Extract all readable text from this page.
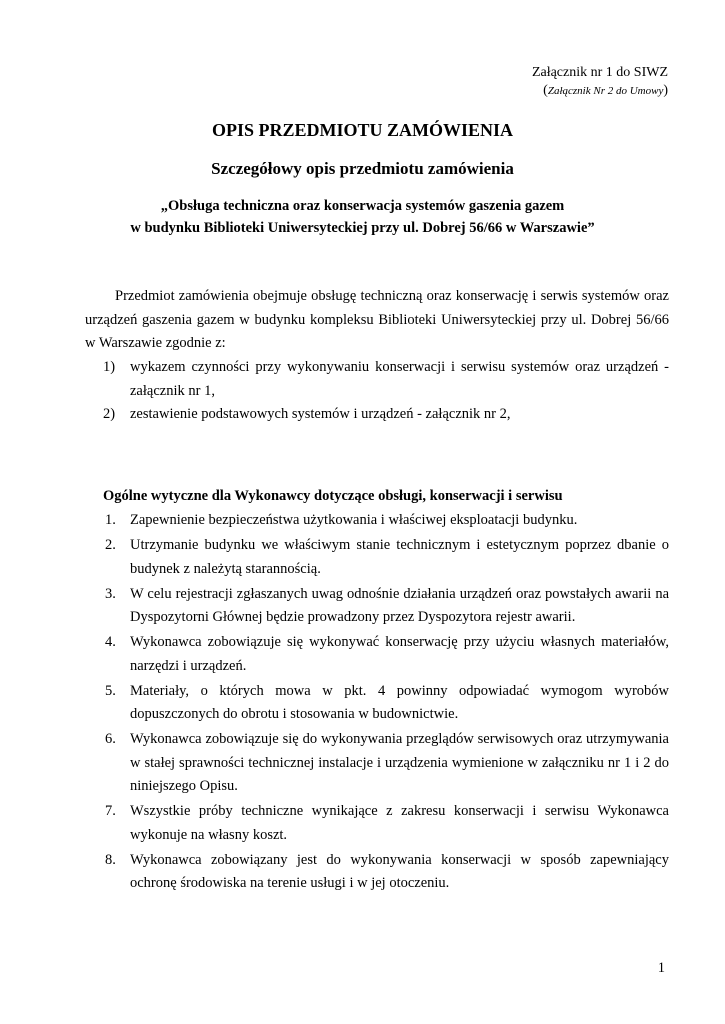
Załącznik nr 1 do SIWZ
(Załącznik Nr 2 do Umowy)
OPIS PRZEDMIOTU ZAMÓWIENIA
Szczegółowy opis przedmiotu zamówienia
„Obsługa techniczna oraz konserwacja systemów gaszenia gazem
w budynku Biblioteki Uniwersyteckiej przy ul. Dobrej 56/66 w Warszawie”

Przedmiot zamówienia obejmuje obsługę techniczną oraz konserwację i serwis systemów oraz urządzeń gaszenia gazem w budynku kompleksu Biblioteki Uniwersyteckiej przy ul. Dobrej 56/66 w Warszawie zgodnie z:

1) wykazem czynności przy wykonywaniu konserwacji i serwisu systemów oraz urządzeń - załącznik nr 1,
2) zestawienie podstawowych systemów i urządzeń - załącznik nr 2,
Ogólne wytyczne dla Wykonawcy dotyczące obsługi, konserwacji i serwisu
1. Zapewnienie bezpieczeństwa użytkowania i właściwej eksploatacji budynku.
2. Utrzymanie budynku we właściwym stanie technicznym i estetycznym poprzez dbanie o budynek z należytą starannością.
3. W celu rejestracji zgłaszanych uwag odnośnie działania urządzeń oraz powstałych awarii na Dyspozytorni Głównej będzie prowadzony przez Dyspozytora rejestr awarii.
4. Wykonawca zobowiązuje się wykonywać konserwację przy użyciu własnych materiałów, narzędzi i urządzeń.
5. Materiały, o których mowa w pkt. 4 powinny odpowiadać wymogom wyrobów dopuszczonych do obrotu i stosowania w budownictwie.
6. Wykonawca zobowiązuje się do wykonywania przeglądów serwisowych oraz utrzymywania w stałej sprawności technicznej instalacje i urządzenia wymienione w załączniku nr 1 i 2 do niniejszego Opisu.
7. Wszystkie próby techniczne wynikające z zakresu konserwacji i serwisu Wykonawca wykonuje na własny koszt.
8. Wykonawca zobowiązany jest do wykonywania konserwacji w sposób zapewniający ochronę środowiska na terenie usługi i w jej otoczeniu.
1
